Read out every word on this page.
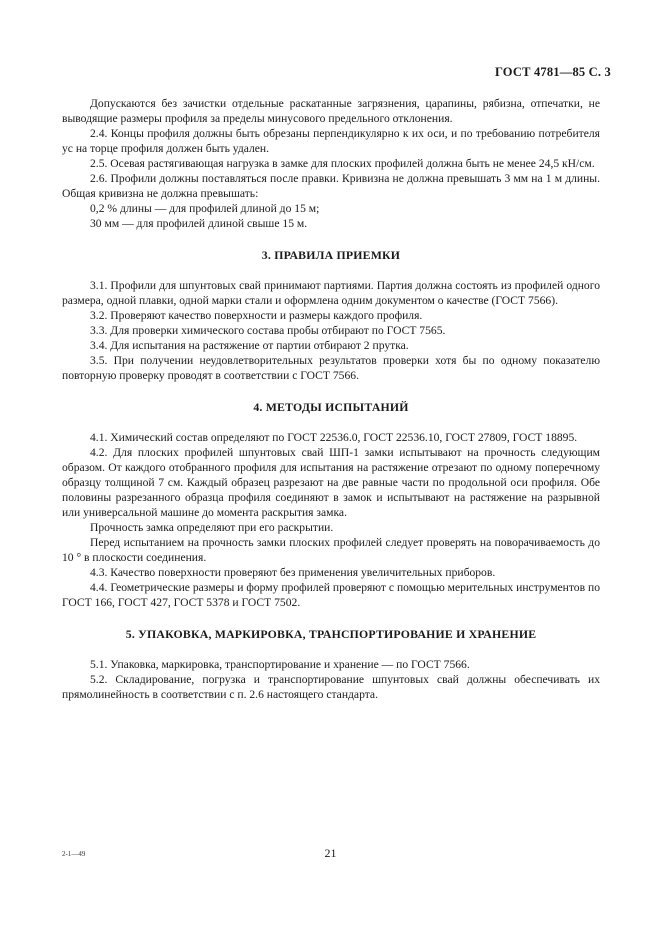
ГОСТ 4781—85 С. 3

Допускаются без зачистки отдельные раскатанные загрязнения, царапины, рябизна, отпечатки, не выводящие размеры профиля за пределы минусового предельного отклонения.

2.4. Концы профиля должны быть обрезаны перпендикулярно к их оси, и по требованию потребителя ус на торце профиля должен быть удален.

2.5. Осевая растягивающая нагрузка в замке для плоских профилей должна быть не менее 24,5 кН/см.

2.6. Профили должны поставляться после правки. Кривизна не должна превышать 3 мм на 1 м длины. Общая кривизна не должна превышать:

0,2 % длины — для профилей длиной до 15 м;

30 мм — для профилей длиной свыше 15 м.

3. ПРАВИЛА ПРИЕМКИ

3.1. Профили для шпунтовых свай принимают партиями. Партия должна состоять из профилей одного размера, одной плавки, одной марки стали и оформлена одним документом о качестве (ГОСТ 7566).

3.2. Проверяют качество поверхности и размеры каждого профиля.

3.3. Для проверки химического состава пробы отбирают по ГОСТ 7565.

3.4. Для испытания на растяжение от партии отбирают 2 прутка.

3.5. При получении неудовлетворительных результатов проверки хотя бы по одному показателю повторную проверку проводят в соответствии с ГОСТ 7566.

4. МЕТОДЫ ИСПЫТАНИЙ

4.1. Химический состав определяют по ГОСТ 22536.0, ГОСТ 22536.10, ГОСТ 27809, ГОСТ 18895.

4.2. Для плоских профилей шпунтовых свай ШП-1 замки испытывают на прочность следующим образом. От каждого отобранного профиля для испытания на растяжение отрезают по одному поперечному образцу толщиной 7 см. Каждый образец разрезают на две равные части по продольной оси профиля. Обе половины разрезанного образца профиля соединяют в замок и испытывают на растяжение на разрывной или универсальной машине до момента раскрытия замка.

Прочность замка определяют при его раскрытии.

Перед испытанием на прочность замки плоских профилей следует проверять на поворачиваемость до 10 ° в плоскости соединения.

4.3. Качество поверхности проверяют без применения увеличительных приборов.

4.4. Геометрические размеры и форму профилей проверяют с помощью мерительных инструментов по ГОСТ 166, ГОСТ 427, ГОСТ 5378 и ГОСТ 7502.

5. УПАКОВКА, МАРКИРОВКА, ТРАНСПОРТИРОВАНИЕ И ХРАНЕНИЕ

5.1. Упаковка, маркировка, транспортирование и хранение — по ГОСТ 7566.

5.2. Складирование, погрузка и транспортирование шпунтовых свай должны обеспечивать их прямолинейность в соответствии с п. 2.6 настоящего стандарта.

2-1—49	21
